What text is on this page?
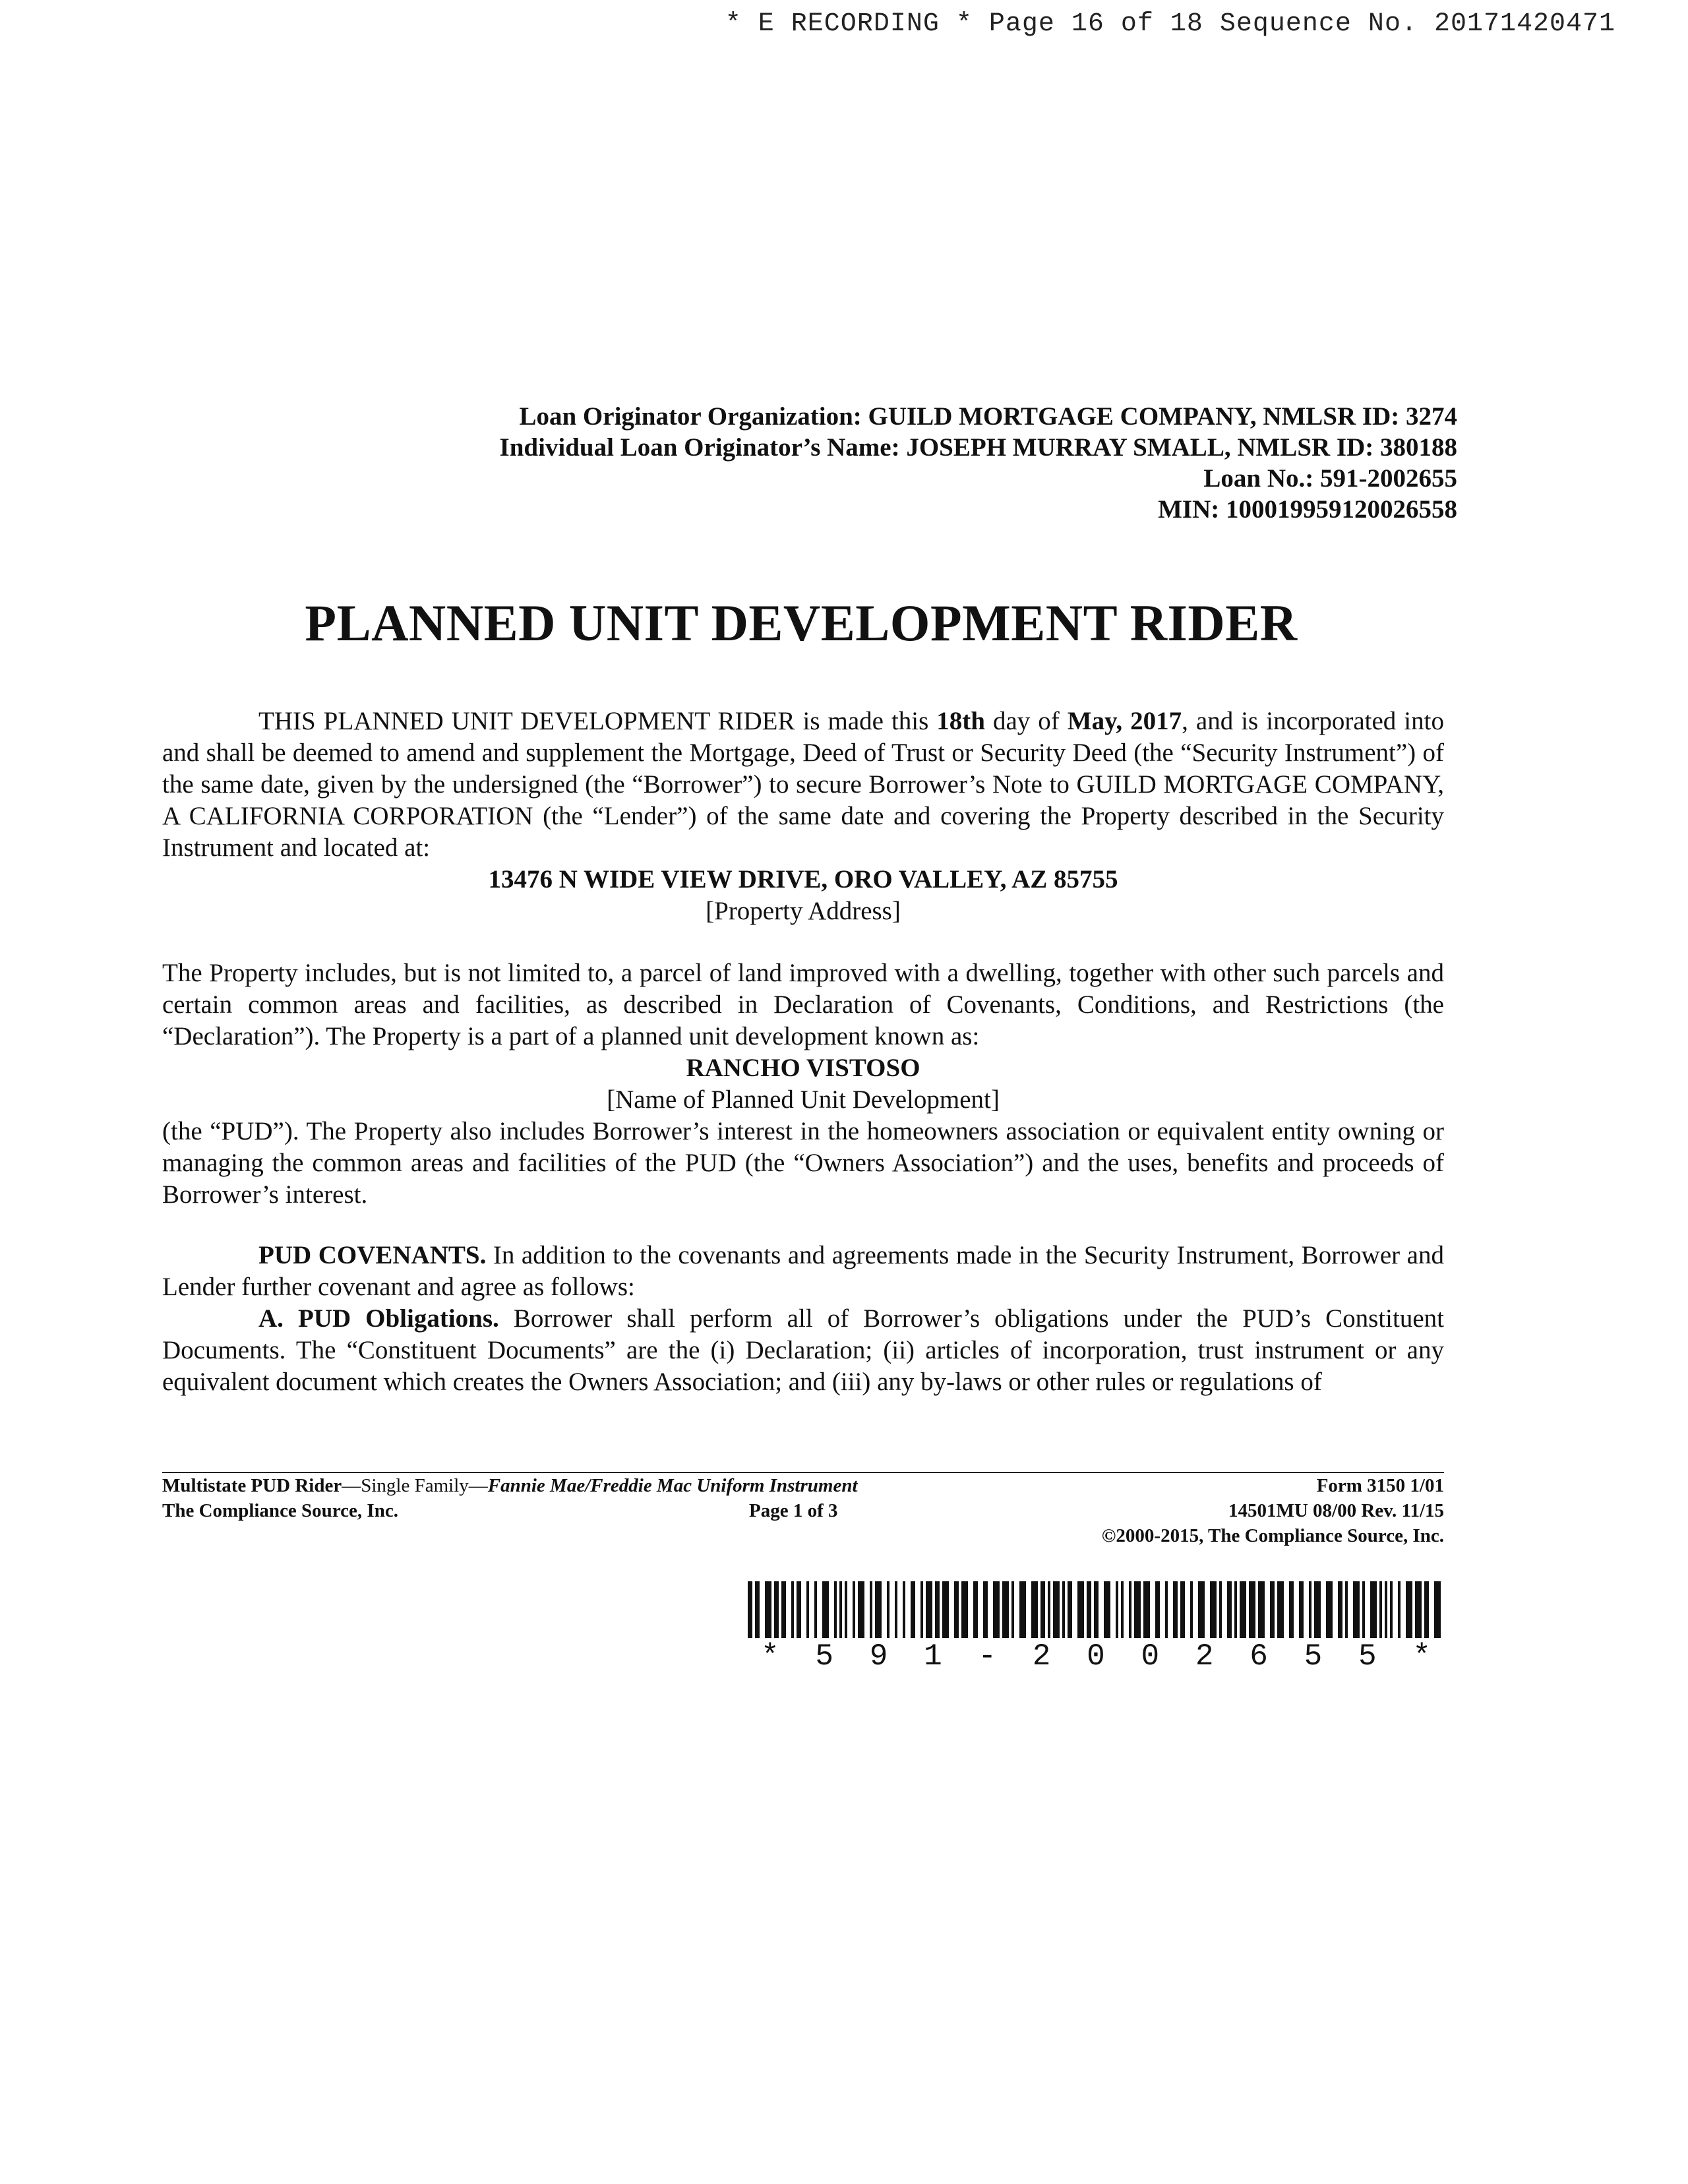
* E RECORDING * Page 16 of 18 Sequence No. 20171420471
Loan Originator Organization: GUILD MORTGAGE COMPANY, NMLSR ID: 3274
Individual Loan Originator’s Name: JOSEPH MURRAY SMALL, NMLSR ID: 380188
Loan No.: 591-2002655
MIN: 100019959120026558
PLANNED UNIT DEVELOPMENT RIDER

THIS PLANNED UNIT DEVELOPMENT RIDER is made this 18th day of May, 2017, and is incorporated into and shall be deemed to amend and supplement the Mortgage, Deed of Trust or Security Deed (the “Security Instrument”) of the same date, given by the undersigned (the “Borrower”) to secure Borrower’s Note to GUILD MORTGAGE COMPANY, A CALIFORNIA CORPORATION (the “Lender”) of the same date and covering the Property described in the Security Instrument and located at:

13476 N WIDE VIEW DRIVE, ORO VALLEY, AZ 85755

[Property Address]

The Property includes, but is not limited to, a parcel of land improved with a dwelling, together with other such parcels and certain common areas and facilities, as described in Declaration of Covenants, Conditions, and Restrictions (the “Declaration”). The Property is a part of a planned unit development known as:

RANCHO VISTOSO

[Name of Planned Unit Development]

(the “PUD”). The Property also includes Borrower’s interest in the homeowners association or equivalent entity owning or managing the common areas and facilities of the PUD (the “Owners Association”) and the uses, benefits and proceeds of Borrower’s interest.

PUD COVENANTS. In addition to the covenants and agreements made in the Security Instrument, Borrower and Lender further covenant and agree as follows:

A. PUD Obligations. Borrower shall perform all of Borrower’s obligations under the PUD’s Constituent Documents. The “Constituent Documents” are the (i) Declaration; (ii) articles of incorporation, trust instrument or any equivalent document which creates the Owners Association; and (iii) any by-laws or other rules or regulations of

Multistate PUD Rider—Single Family—Fannie Mae/Freddie Mac Uniform Instrument	Form 3150 1/01
The Compliance Source, Inc.	Page 1 of 3	14501MU 08/00 Rev. 11/15
©2000-2015, The Compliance Source, Inc.
* 5 9 1 - 2 0 0 2 6 5 5 *
